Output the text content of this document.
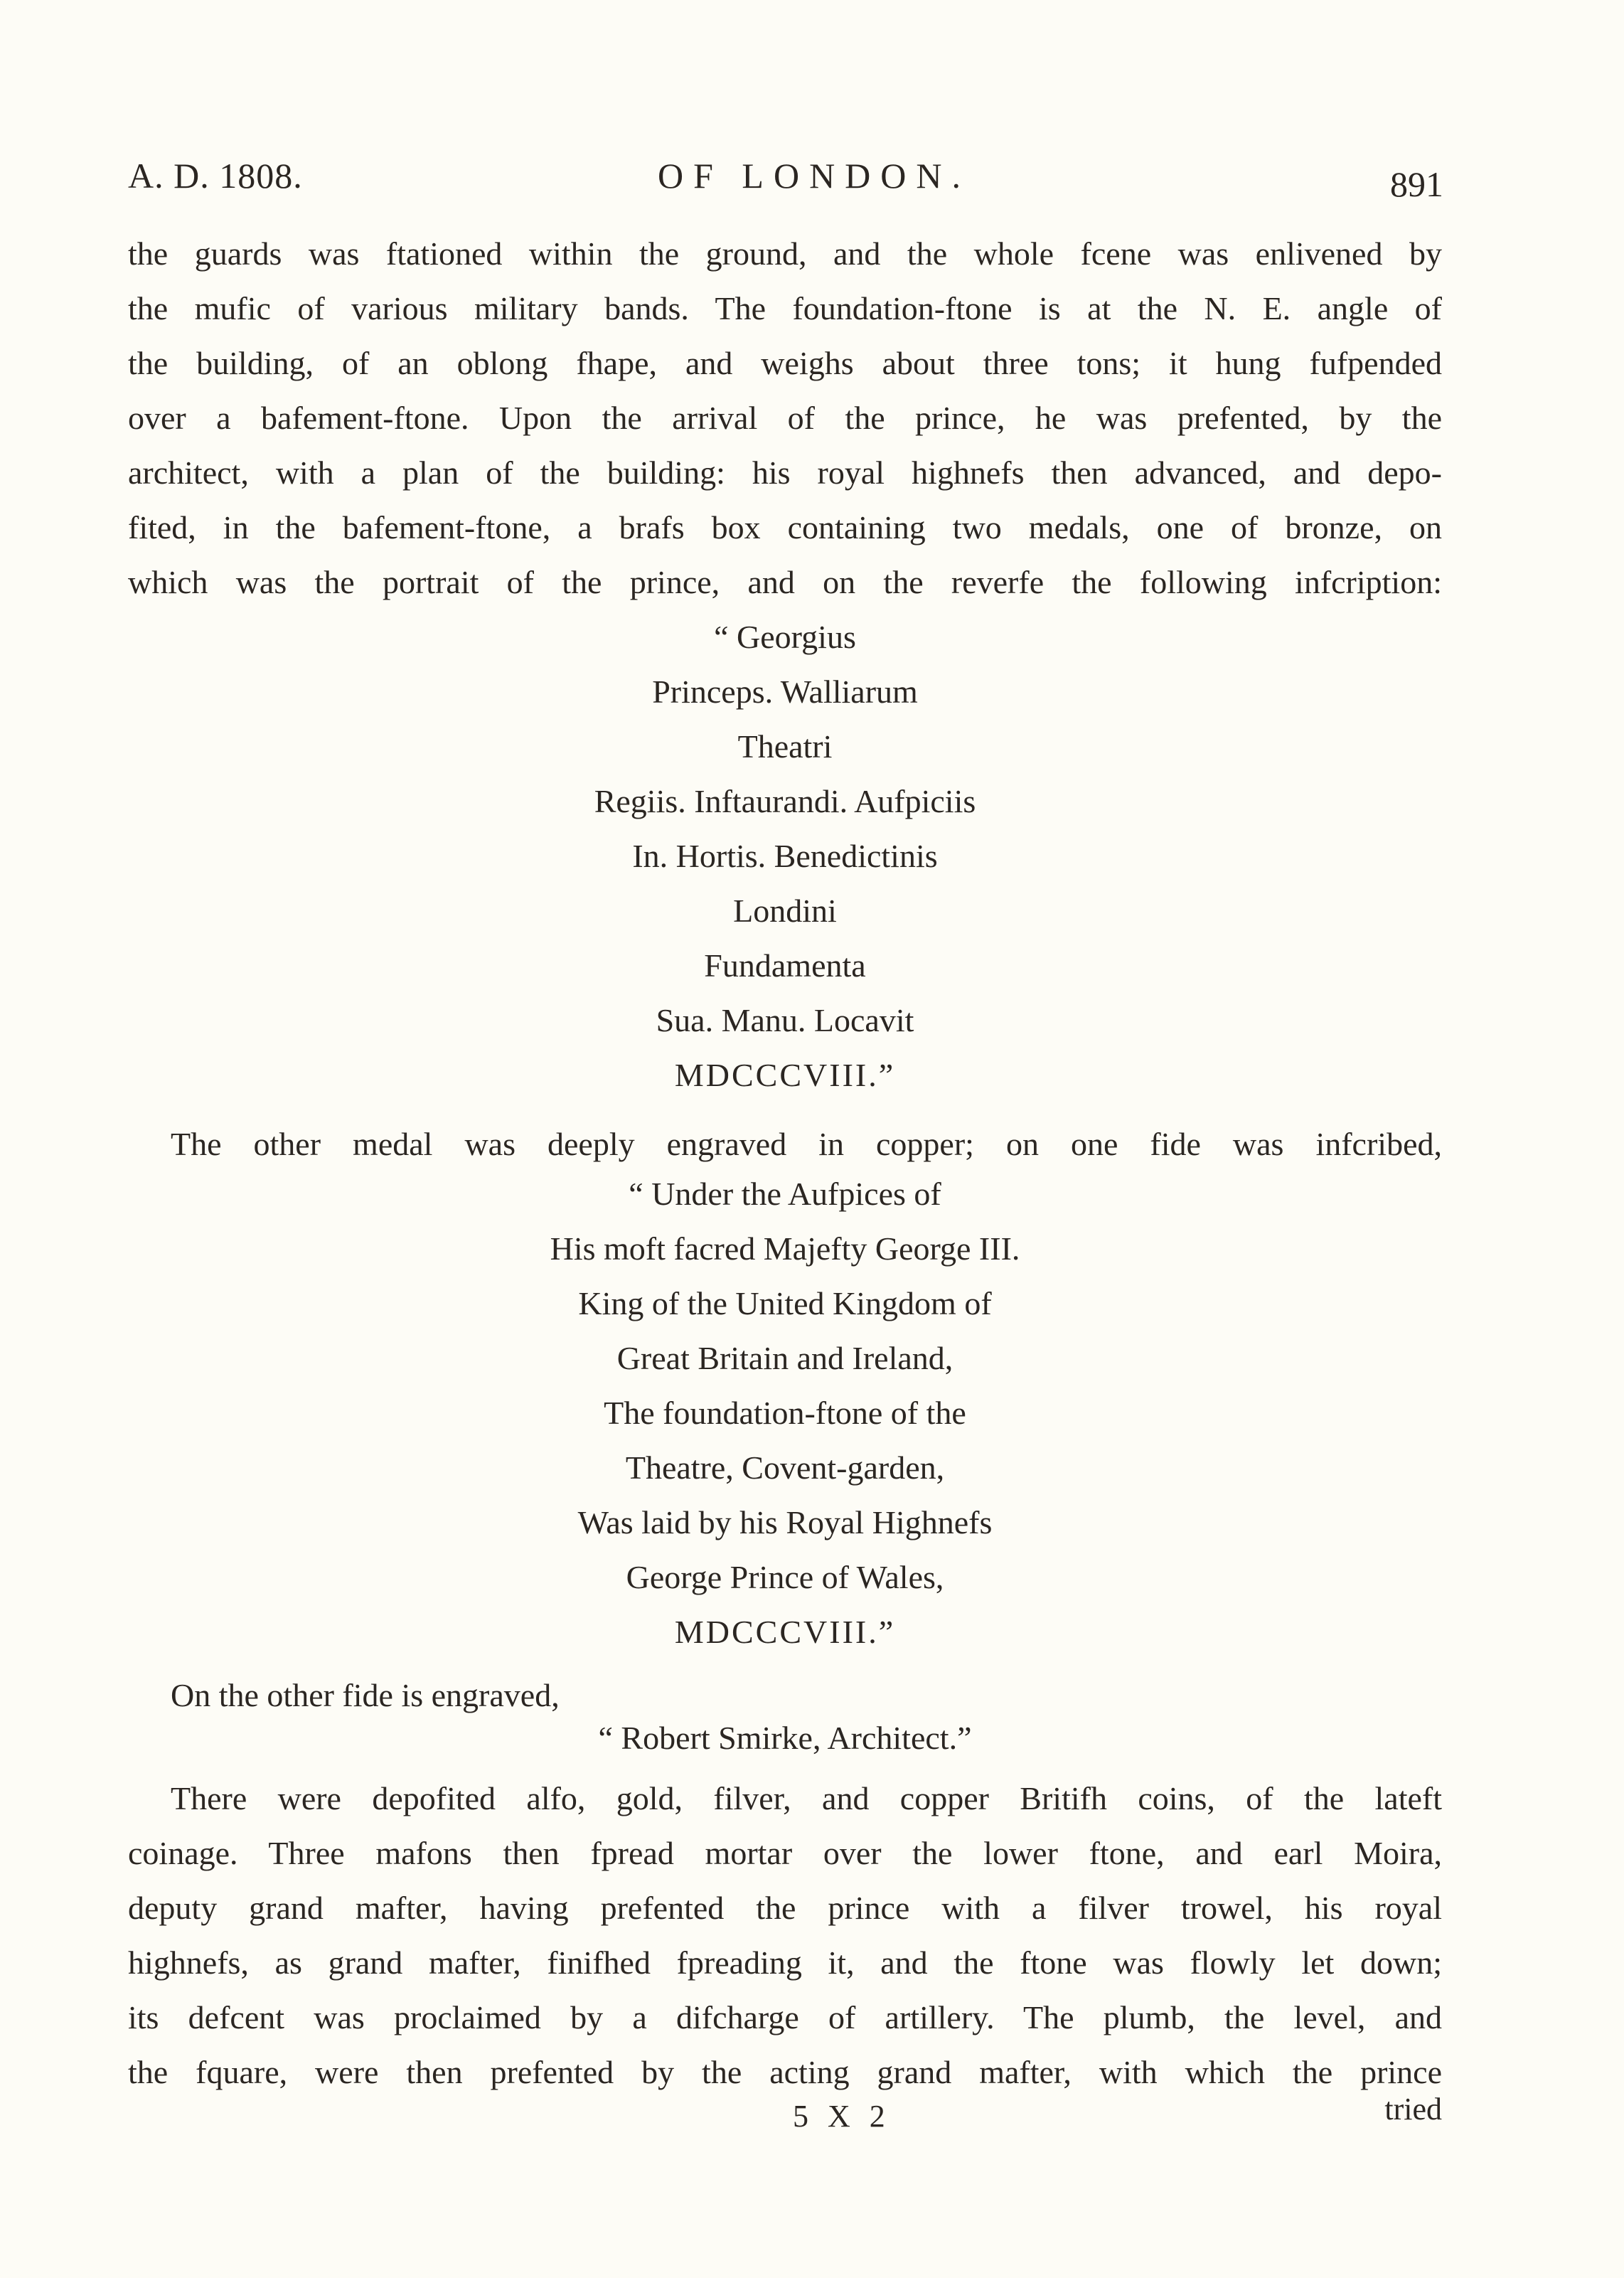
A. D. 1808.	OF LONDON.	891
the guards was ftationed within the ground, and the whole fcene was enlivened by
the mufic of various military bands. The foundation-ftone is at the N. E. angle of
the building, of an oblong fhape, and weighs about three tons; it hung fufpended
over a bafement-ftone. Upon the arrival of the prince, he was prefented, by the
architect, with a plan of the building: his royal highnefs then advanced, and depo-
fited, in the bafement-ftone, a brafs box containing two medals, one of bronze, on
which was the portrait of the prince, and on the reverfe the following infcription:
“ Georgius
Princeps. Walliarum
Theatri
Regiis. Inftaurandi. Aufpiciis
In. Hortis. Benedictinis
Londini
Fundamenta
Sua. Manu. Locavit
MDCCCVIII.”
The other medal was deeply engraved in copper; on one fide was infcribed,
“ Under the Aufpices of
His moft facred Majefty George III.
King of the United Kingdom of
Great Britain and Ireland,
The foundation-ftone of the
Theatre, Covent-garden,
Was laid by his Royal Highnefs
George Prince of Wales,
MDCCCVIII.”
On the other fide is engraved,
“ Robert Smirke, Architect.”
There were depofited alfo, gold, filver, and copper Britifh coins, of the lateft
coinage. Three mafons then fpread mortar over the lower ftone, and earl Moira,
deputy grand mafter, having prefented the prince with a filver trowel, his royal
highnefs, as grand mafter, finifhed fpreading it, and the ftone was flowly let down;
its defcent was proclaimed by a difcharge of artillery. The plumb, the level, and
the fquare, were then prefented by the acting grand mafter, with which the prince
5 X 2	tried
